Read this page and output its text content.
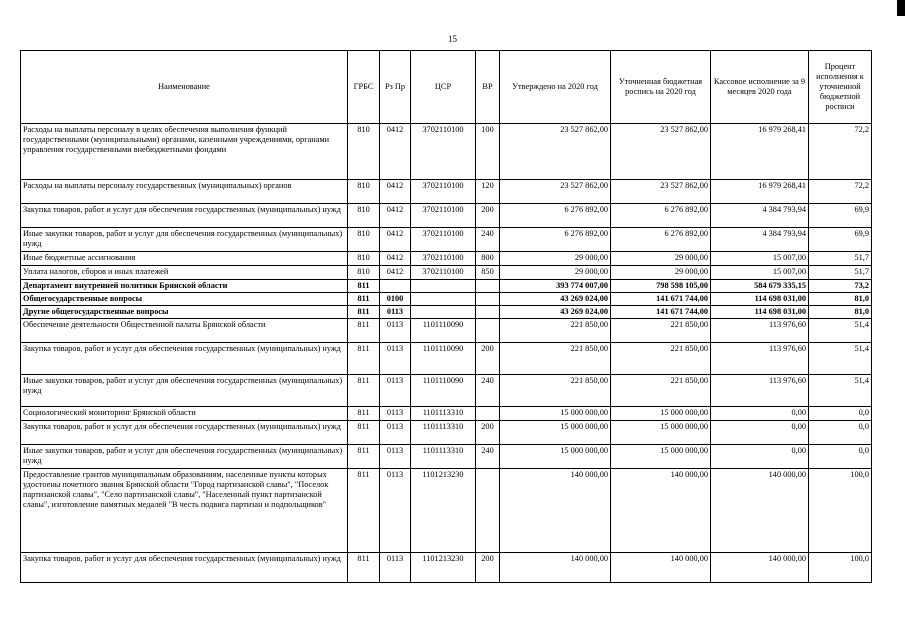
15
Наименование	ГРБС	Рз Пр	ЦСР	ВР	Утверждено на 2020 год	Уточненная бюджетная роспись на 2020 год	Кассовое исполнение за 9 месяцев 2020 года	Процент исполнения к уточненной бюджетной росписи
Расходы на выплаты персоналу в целях обеспечения выполнения функций государственными (муниципальными) органами, казенными учреждениями, органами управления государственными внебюджетными фондами	810	0412	3702110100	100	23 527 862,00	23 527 862,00	16 979 268,41	72,2
Расходы на выплаты персоналу государственных (муниципальных) органов	810	0412	3702110100	120	23 527 862,00	23 527 862,00	16 979 268,41	72,2
Закупка товаров, работ и услуг для обеспечения государственных (муниципальных) нужд	810	0412	3702110100	200	6 276 892,00	6 276 892,00	4 384 793,94	69,9
Иные закупки товаров, работ и услуг для обеспечения государственных (муниципальных) нужд	810	0412	3702110100	240	6 276 892,00	6 276 892,00	4 384 793,94	69,9
Иные бюджетные ассигнования	810	0412	3702110100	800	29 000,00	29 000,00	15 007,00	51,7
Уплата налогов, сборов и иных платежей	810	0412	3702110100	850	29 000,00	29 000,00	15 007,00	51,7
Департамент внутренней политики Брянской области	811				393 774 007,00	798 598 105,00	584 679 335,15	73,2
Общегосударственные вопросы	811	0100			43 269 024,00	141 671 744,00	114 698 031,00	81,0
Другие общегосударственные вопросы	811	0113			43 269 024,00	141 671 744,00	114 698 031,00	81,0
Обеспечение деятельности Общественной палаты Брянской области	811	0113	1101110090		221 850,00	221 850,00	113 976,60	51,4
Закупка товаров, работ и услуг для обеспечения государственных (муниципальных) нужд	811	0113	1101110090	200	221 850,00	221 850,00	113 976,60	51,4
Иные закупки товаров, работ и услуг для обеспечения государственных (муниципальных) нужд	811	0113	1101110090	240	221 850,00	221 850,00	113 976,60	51,4
Социологический мониторинг Брянской области	811	0113	1101113310		15 000 000,00	15 000 000,00	0,00	0,0
Закупка товаров, работ и услуг для обеспечения государственных (муниципальных) нужд	811	0113	1101113310	200	15 000 000,00	15 000 000,00	0,00	0,0
Иные закупки товаров, работ и услуг для обеспечения государственных (муниципальных) нужд	811	0113	1101113310	240	15 000 000,00	15 000 000,00	0,00	0,0
Предоставление грантов муниципальным образованиям, населенные пункты которых удостоены почетного звания Брянской области "Город партизанской славы", "Поселок партизанской славы", "Село партизанской славы", "Населенный пункт партизанской славы", изготовление памятных медалей "В честь подвига партизан и подпольщиков"	811	0113	1101213230		140 000,00	140 000,00	140 000,00	100,0
Закупка товаров, работ и услуг для обеспечения государственных (муниципальных) нужд	811	0113	1101213230	200	140 000,00	140 000,00	140 000,00	100,0
